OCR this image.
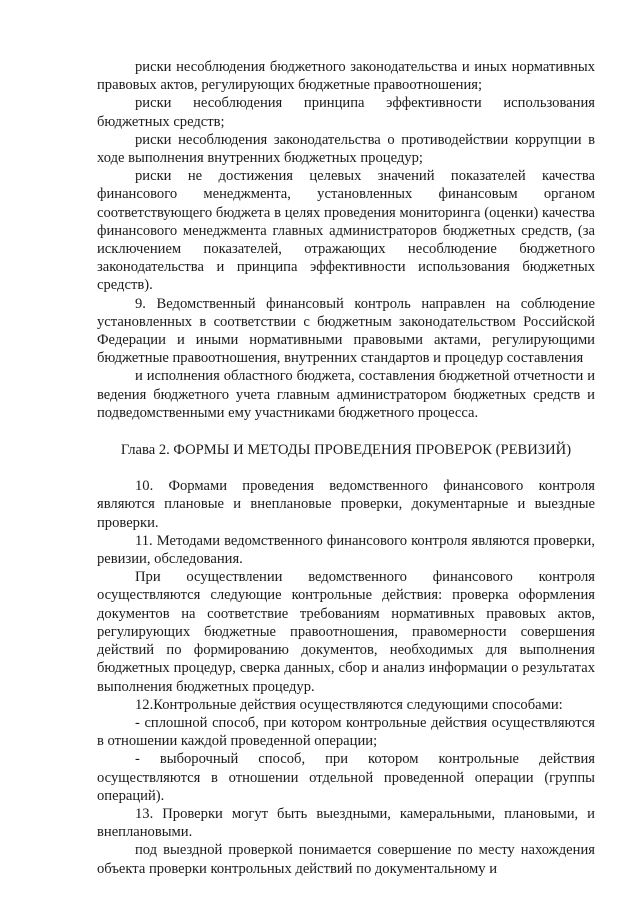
риски несоблюдения бюджетного законодательства и иных нормативных правовых актов, регулирующих бюджетные правоотношения;

риски несоблюдения принципа эффективности использования бюджетных средств;

риски несоблюдения законодательства о противодействии коррупции в ходе выполнения внутренних бюджетных процедур;

риски не достижения целевых значений показателей качества финансового менеджмента, установленных финансовым органом соответствующего бюджета в целях проведения мониторинга (оценки) качества финансового менеджмента главных администраторов бюджетных средств, (за исключением показателей, отражающих несоблюдение бюджетного законодательства и принципа эффективности использования бюджетных средств).

9. Ведомственный финансовый контроль направлен на соблюдение установленных в соответствии с бюджетным законодательством Российской Федерации и иными нормативными правовыми актами, регулирующими бюджетные правоотношения, внутренних стандартов и процедур составления

и исполнения областного бюджета, составления бюджетной отчетности и ведения бюджетного учета главным администратором бюджетных средств и подведомственными ему участниками бюджетного процесса.

Глава 2. ФОРМЫ И МЕТОДЫ ПРОВЕДЕНИЯ ПРОВЕРОК (РЕВИЗИЙ)

10. Формами проведения ведомственного финансового контроля являются плановые и внеплановые проверки, документарные и выездные проверки.

11. Методами ведомственного финансового контроля являются проверки, ревизии, обследования.

При осуществлении ведомственного финансового контроля осуществляются следующие контрольные действия: проверка оформления документов на соответствие требованиям нормативных правовых актов, регулирующих бюджетные правоотношения, правомерности совершения действий по формированию документов, необходимых для выполнения бюджетных процедур, сверка данных, сбор и анализ информации о результатах выполнения бюджетных процедур.

12.Контрольные действия осуществляются следующими способами:

- сплошной способ, при котором контрольные действия осуществляются в отношении каждой проведенной операции;

- выборочный способ, при котором контрольные действия осуществляются в отношении отдельной проведенной операции (группы операций).

13. Проверки могут быть выездными, камеральными, плановыми, и внеплановыми.

под выездной проверкой понимается совершение по месту нахождения объекта проверки контрольных действий по документальному и
